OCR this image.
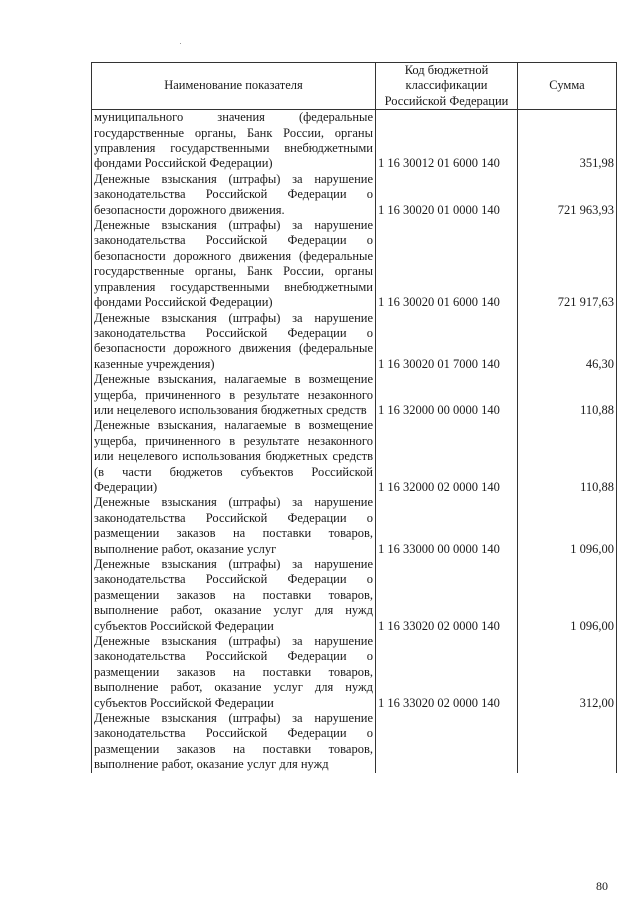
Наименование показателя	Код бюджетной классификации Российской Федерации	Сумма
муниципального значения (федеральные государственные органы, Банк России, органы управления государственными внебюджетными фондами Российской Федерации)	1 16 30012 01 6000 140	351,98
Денежные взыскания (штрафы) за нарушение законодательства Российской Федерации о безопасности дорожного движения.	1 16 30020 01 0000 140	721 963,93
Денежные взыскания (штрафы) за нарушение законодательства Российской Федерации о безопасности дорожного движения (федеральные государственные органы, Банк России, органы управления государственными внебюджетными фондами Российской Федерации)	1 16 30020 01 6000 140	721 917,63
Денежные взыскания (штрафы) за нарушение законодательства Российской Федерации о безопасности дорожного движения (федеральные казенные учреждения)	1 16 30020 01 7000 140	46,30
Денежные взыскания, налагаемые в возмещение ущерба, причиненного в результате незаконного или нецелевого использования бюджетных средств	1 16 32000 00 0000 140	110,88
Денежные взыскания, налагаемые в возмещение ущерба, причиненного в результате незаконного или нецелевого использования бюджетных средств (в части бюджетов субъектов Российской Федерации)	1 16 32000 02 0000 140	110,88
Денежные взыскания (штрафы) за нарушение законодательства Российской Федерации о размещении заказов на поставки товаров, выполнение работ, оказание услуг	1 16 33000 00 0000 140	1 096,00
Денежные взыскания (штрафы) за нарушение законодательства Российской Федерации о размещении заказов на поставки товаров, выполнение работ, оказание услуг для нужд субъектов Российской Федерации	1 16 33020 02 0000 140	1 096,00
Денежные взыскания (штрафы) за нарушение законодательства Российской Федерации о размещении заказов на поставки товаров, выполнение работ, оказание услуг для нужд субъектов Российской Федерации	1 16 33020 02 0000 140	312,00
Денежные взыскания (штрафы) за нарушение законодательства Российской Федерации о размещении заказов на поставки товаров, выполнение работ, оказание услуг для нужд		
80
